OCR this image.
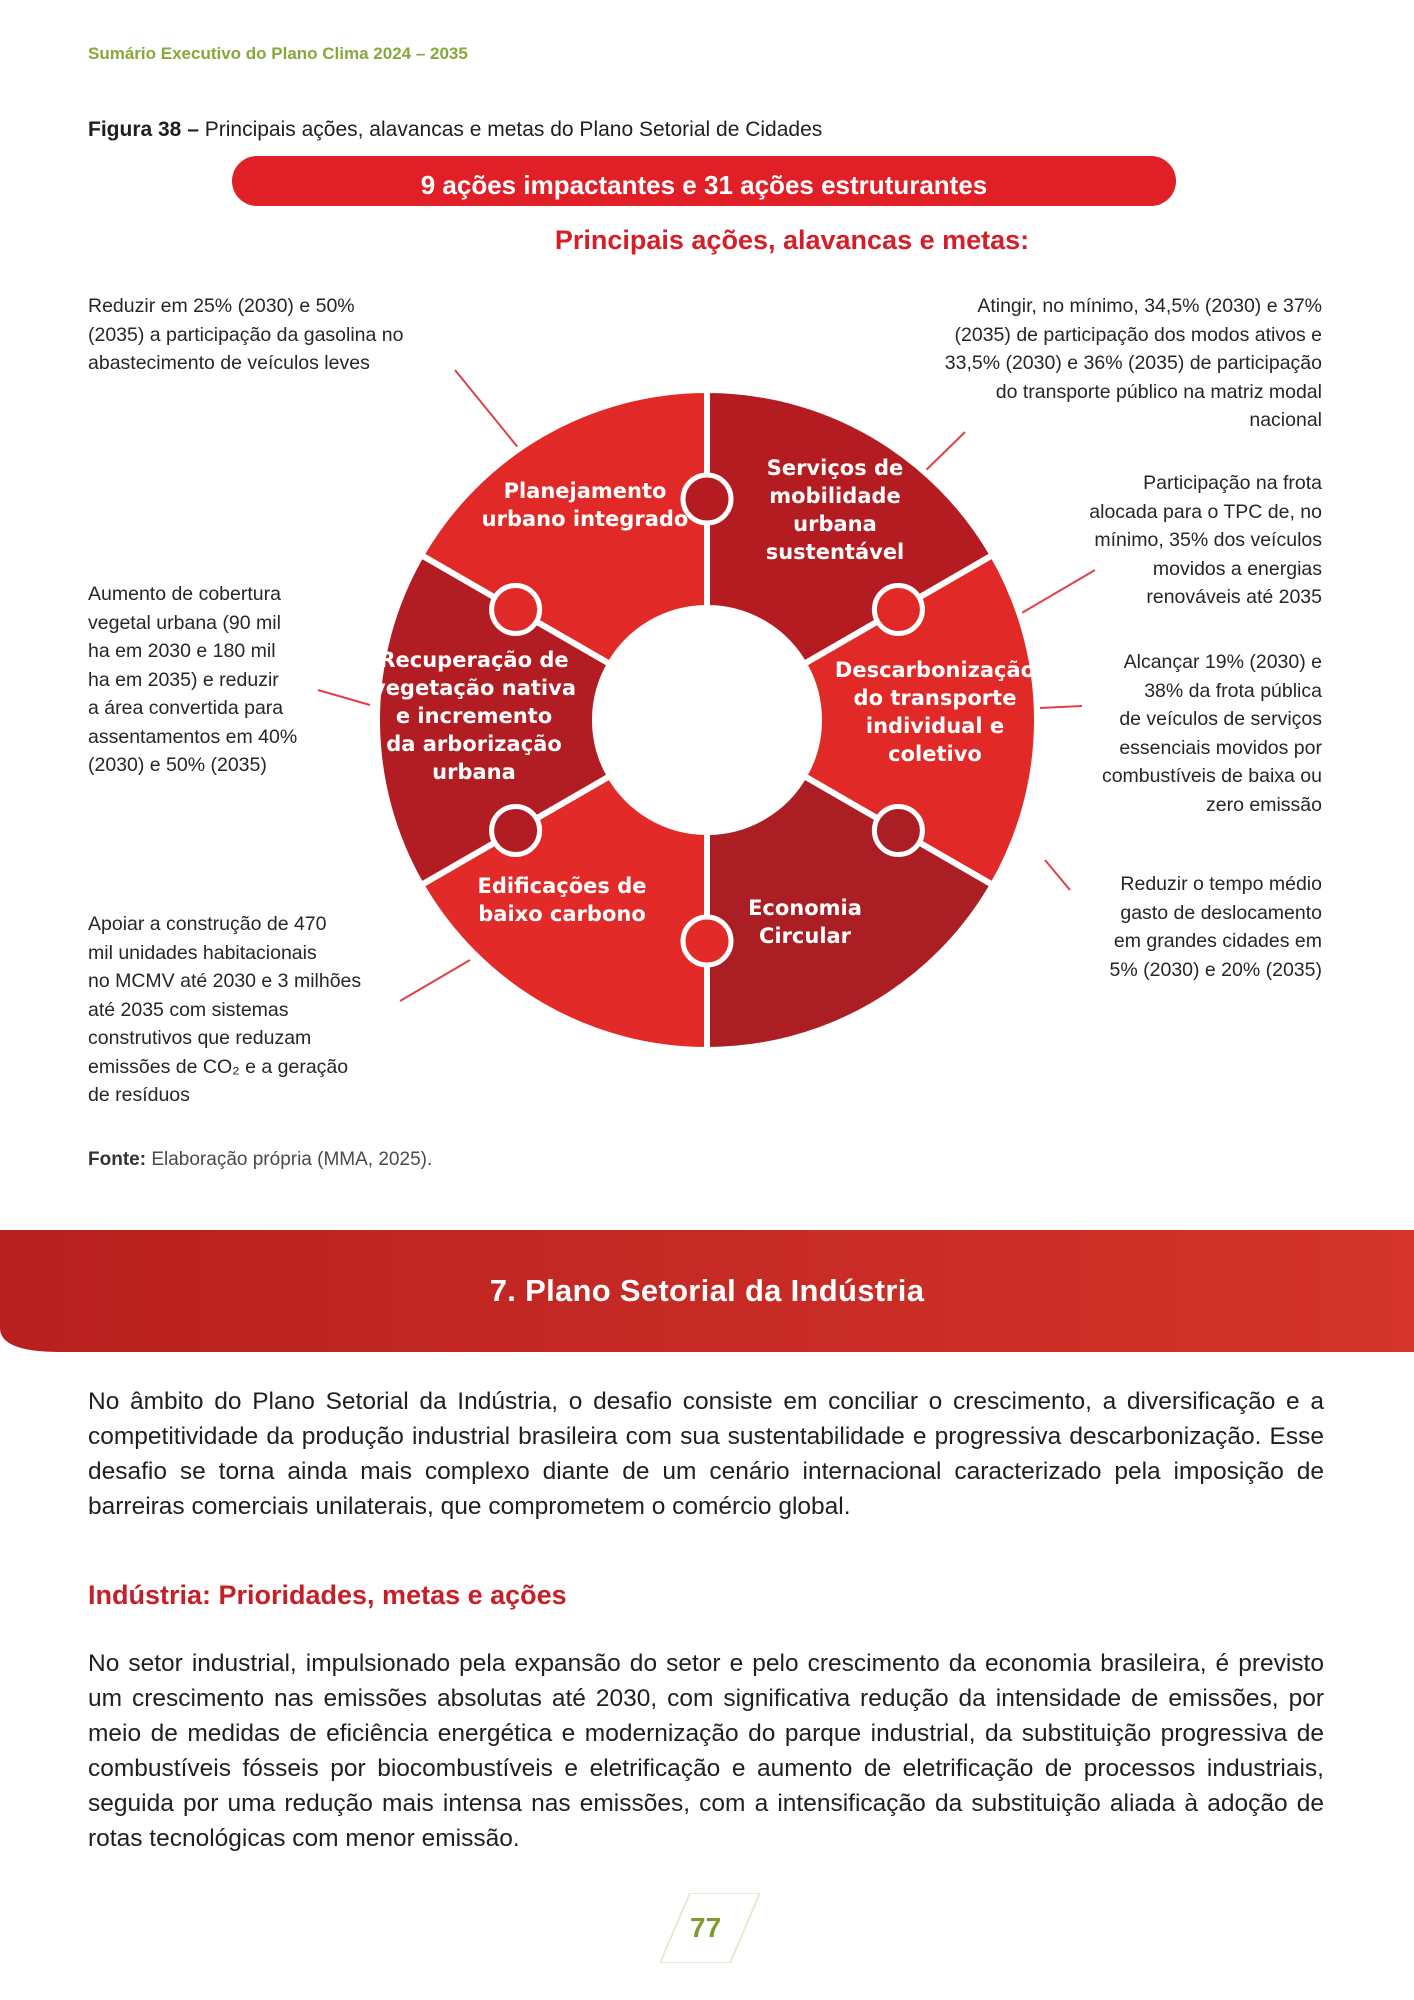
Sumário Executivo do Plano Clima 2024 – 2035
Figura 38 – Principais ações, alavancas e metas do Plano Setorial de Cidades
9 ações impactantes e 31 ações estruturantes
Principais ações, alavancas e metas:
Planejamento urbano integrado
Serviços de mobilidade urbana sustentável
Descarbonização do transporte individual e coletivo
Economia Circular
Edificações de baixo carbono
Recuperação de vegetação nativa e incremento da arborização urbana
Reduzir em 25% (2030) e 50%
(2035) a participação da gasolina no
abastecimento de veículos leves
Atingir, no mínimo, 34,5% (2030) e 37%
(2035) de participação dos modos ativos e
33,5% (2030) e 36% (2035) de participação
do transporte público na matriz modal
nacional
Participação na frota
alocada para o TPC de, no
mínimo, 35% dos veículos
movidos a energias
renováveis até 2035
Alcançar 19% (2030) e
38% da frota pública
de veículos de serviços
essenciais movidos por
combustíveis de baixa ou
zero emissão
Reduzir o tempo médio
gasto de deslocamento
em grandes cidades em
5% (2030) e 20% (2035)
Aumento de cobertura
vegetal urbana (90 mil
ha em 2030 e 180 mil
ha em 2035) e reduzir
a área convertida para
assentamentos em 40%
(2030) e 50% (2035)
Apoiar a construção de 470
mil unidades habitacionais
no MCMV até 2030 e 3 milhões
até 2035 com sistemas
construtivos que reduzam
emissões de CO₂ e a geração
de resíduos
Fonte: Elaboração própria (MMA, 2025).
7. Plano Setorial da Indústria
No âmbito do Plano Setorial da Indústria, o desafio consiste em conciliar o crescimento, a diversificação e a competitividade da produção industrial brasileira com sua sustentabilidade e progressiva descarbonização. Esse desafio se torna ainda mais complexo diante de um cenário internacional caracterizado pela imposição de barreiras comerciais unilaterais, que comprometem o comércio global.
Indústria: Prioridades, metas e ações
No setor industrial, impulsionado pela expansão do setor e pelo crescimento da economia brasileira, é previsto um crescimento nas emissões absolutas até 2030, com significativa redução da intensidade de emissões, por meio de medidas de eficiência energética e modernização do parque industrial, da substituição progressiva de combustíveis fósseis por biocombustíveis e eletrificação e aumento de eletrificação de processos industriais, seguida por uma redução mais intensa nas emissões, com a intensificação da substituição aliada à adoção de rotas tecnológicas com menor emissão.
77
